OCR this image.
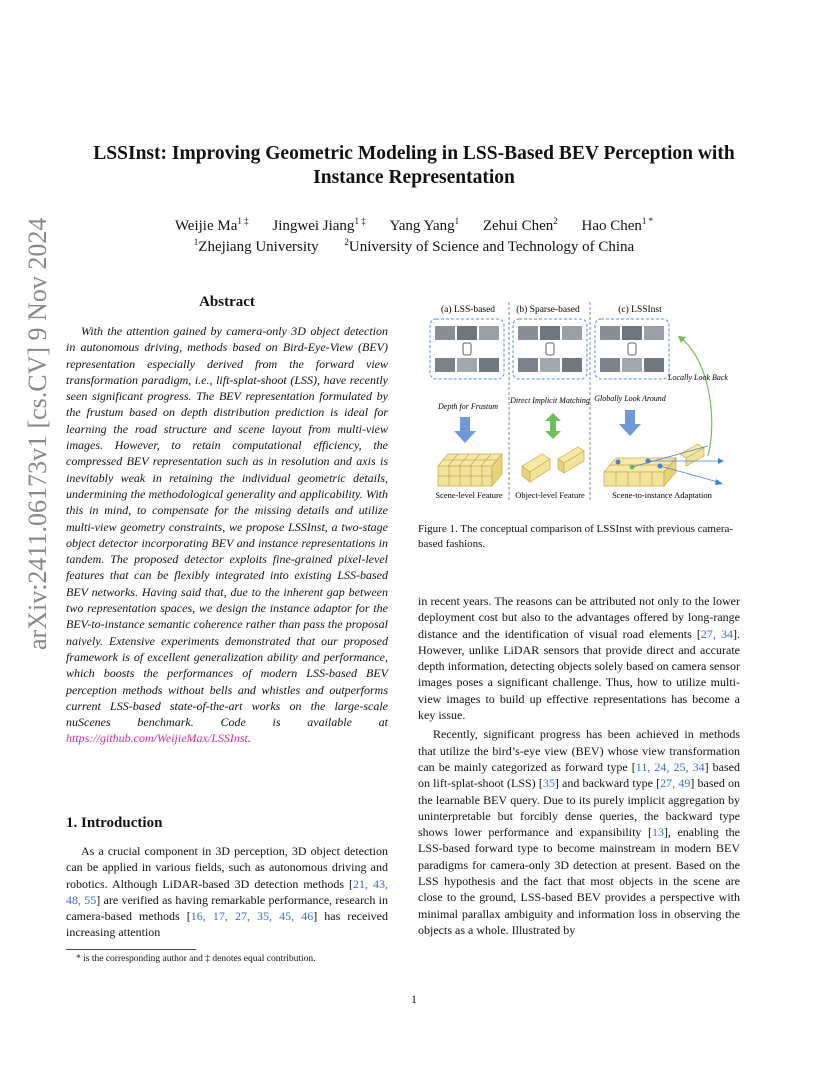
LSSInst: Improving Geometric Modeling in LSS-Based BEV Perception with Instance Representation
Weijie $Ma^{1 \ddagger}$ Jingwei Jiang$^{1 \ddagger}$ Yang Yang$^1$ Zehui Chen$^2$ Hao Chen$^{1 *}$
$^1$Zhejiang University	$^2$University of Science and Technology of China
arXiv:2411.06173v1 [cs.CV] 9 Nov 2024	Abstract
With the attention gained by camera-only 3D object detection in autonomous driving, methods based on Bird-Eye-View (BEV) representation especially derived from the forward view transformation paradigm, i.e., lift-splat-shoot (LSS), have recently seen significant progress. The BEV representation formulated by the frustum based on depth distribution prediction is ideal for learning the road structure and scene layout from multi-view images. However, to retain computational efficiency, the compressed BEV representation such as in resolution and axis is inevitably weak in retaining the individual geometric details, undermining the methodological generality and applicability. With this in mind, to compensate for the missing details and utilize multi-view geometry constraints, we propose LSSInst, a two-stage object detector incorporating BEV and instance representations in tandem. The proposed detector exploits fine-grained pixel-level features that can be flexibly integrated into existing LSS-based BEV networks. Having said that, due to the inherent gap between two representation spaces, we design the instance adaptor for the BEV-to-instance semantic coherence rather than pass the proposal naively. Extensive experiments demonstrated that our proposed framework is of excellent generalization ability and performance, which boosts the performances of modern LSS-based BEV perception methods without bells and whistles and outperforms current LSS-based state-of-the-art works on the large-scale nuScenes benchmark. Code is available at https://github.com/WeijieMax/LSSInst.
1. Introduction
As a crucial component in 3D perception, 3D object detection can be applied in various fields, such as autonomous driving and robotics. Although LiDAR-based 3D detection methods [21, 43, 48, 55] are verified as having remarkable performance, research in camera-based methods [16, 17, 27, 35, 45, 46] has received increasing attention
* is the corresponding author and ‡ denotes equal contribution.
(a) LSS-based (b) Sparse-based	(c) LSSInst
Locally Look Back
Depth for Frustum
Direct Implicit Matching Globally Look Around
Scene-level Feature Object-level Feature	Scene-to-instance Adaptation
Figure 1. The conceptual comparison of LSSInst with previous camera-based fashions.

in recent years. The reasons can be attributed not only to the lower deployment cost but also to the advantages offered by long-range distance and the identification of visual road elements [27, 34]. However, unlike LiDAR sensors that provide direct and accurate depth information, detecting objects solely based on camera sensor images poses a significant challenge. Thus, how to utilize multi-view images to build up effective representations has become a key issue.

Recently, significant progress has been achieved in methods that utilize the bird’s-eye view (BEV) whose view transformation can be mainly categorized as forward type [11, 24, 25, 34] based on lift-splat-shoot (LSS) [35] and backward type [27, 49] based on the learnable BEV query. Due to its purely implicit aggregation by uninterpretable but forcibly dense queries, the backward type shows lower performance and expansibility [13], enabling the LSS-based forward type to become mainstream in modern BEV paradigms for camera-only 3D detection at present. Based on the LSS hypothesis and the fact that most objects in the scene are close to the ground, LSS-based BEV provides a perspective with minimal parallax ambiguity and information loss in observing the objects as a whole. Illustrated by

1
